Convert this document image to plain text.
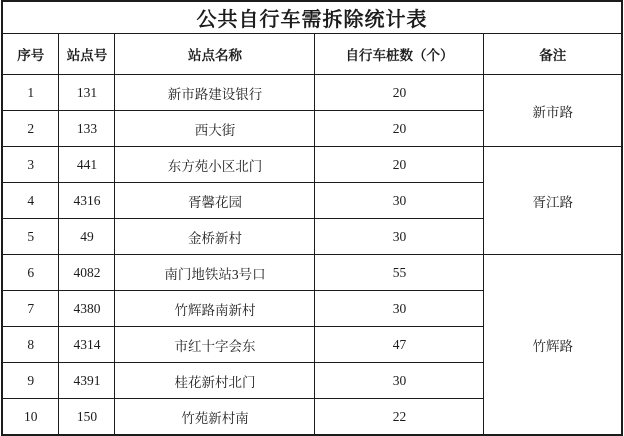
公共自行车需拆除统计表				
序号	站点号	站点名称	自行车桩数（个）	备注
1	131	新市路建设银行	20	新市路
2	133	西大街	20	
3	441	东方苑小区北门	20	胥江路
4	4316	胥馨花园	30	
5	49	金桥新村	30	
6	4082	南门地铁站3号口	55	竹辉路
7	4380	竹辉路南新村	30	
8	4314	市红十字会东	47	
9	4391	桂花新村北门	30	
10	150	竹苑新村南	22	
